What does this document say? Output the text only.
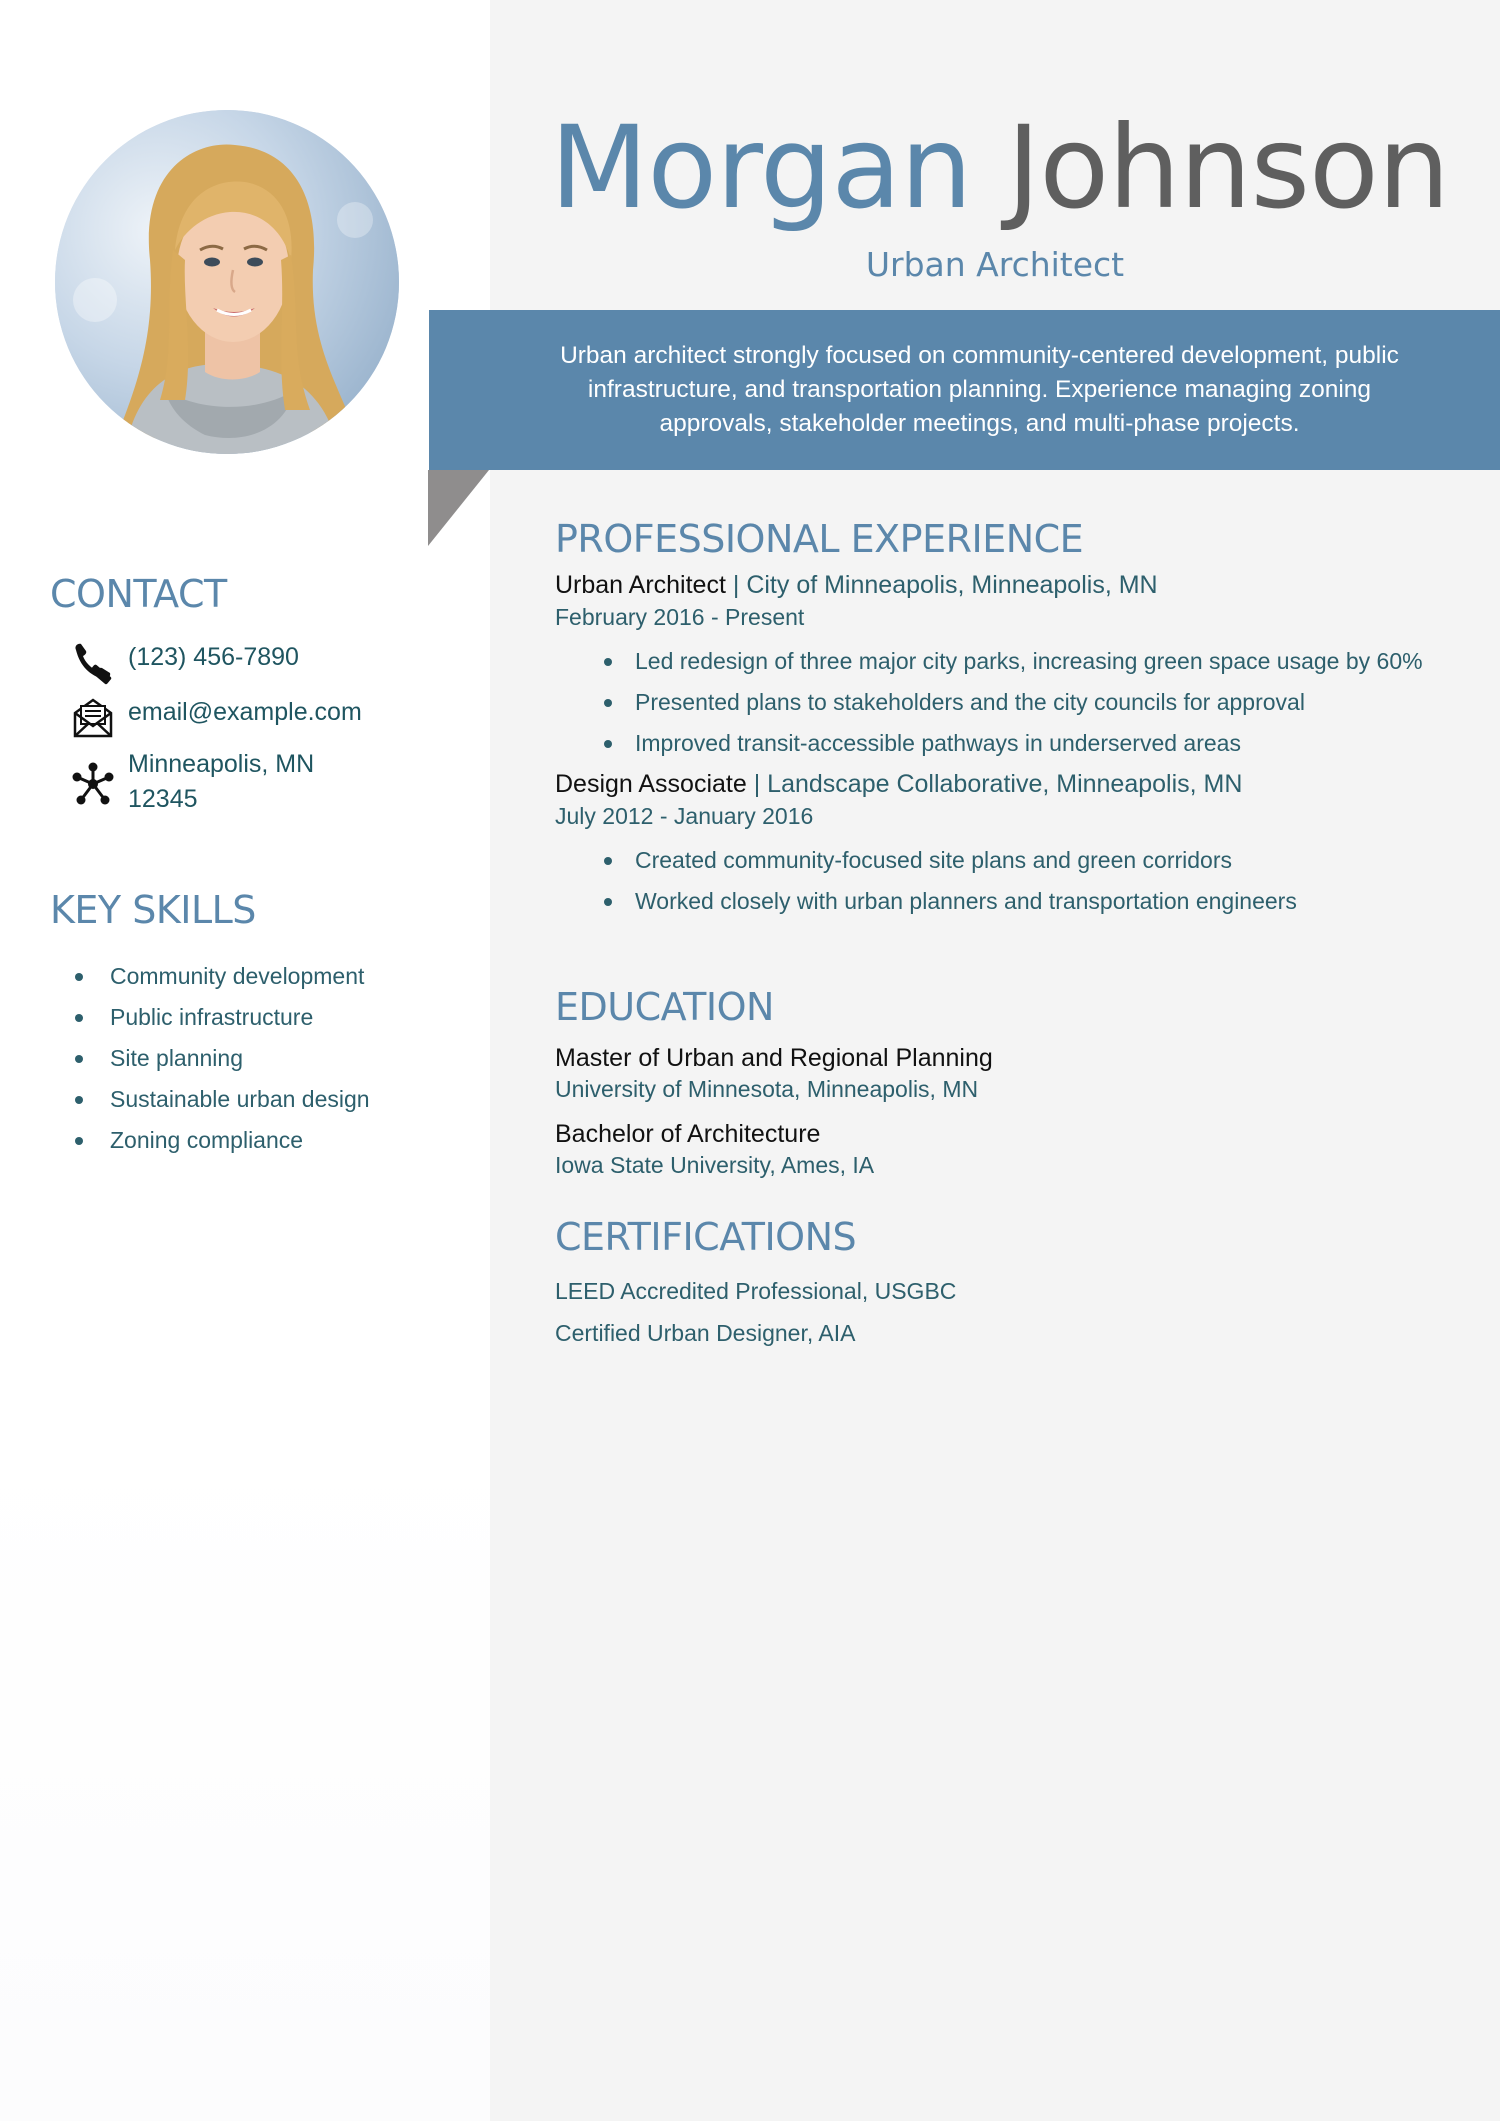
Morgan Johnson
Urban Architect

Urban architect strongly focused on community-centered development, public infrastructure, and transportation planning. Experience managing zoning approvals, stakeholder meetings, and multi-phase projects.

CONTACT
(123) 456-7890
email@example.com
Minneapolis, MN
12345
KEY SKILLS
Community development
Public infrastructure
Site planning
Sustainable urban design
Zoning compliance
PROFESSIONAL EXPERIENCE
Urban Architect | City of Minneapolis, Minneapolis, MN
February 2016 - Present
Led redesign of three major city parks, increasing green space usage by 60%
Presented plans to stakeholders and the city councils for approval
Improved transit-accessible pathways in underserved areas
Design Associate | Landscape Collaborative, Minneapolis, MN
July 2012 - January 2016
Created community-focused site plans and green corridors
Worked closely with urban planners and transportation engineers
EDUCATION
Master of Urban and Regional Planning
University of Minnesota, Minneapolis, MN
Bachelor of Architecture
Iowa State University, Ames, IA
CERTIFICATIONS
LEED Accredited Professional, USGBC
Certified Urban Designer, AIA
